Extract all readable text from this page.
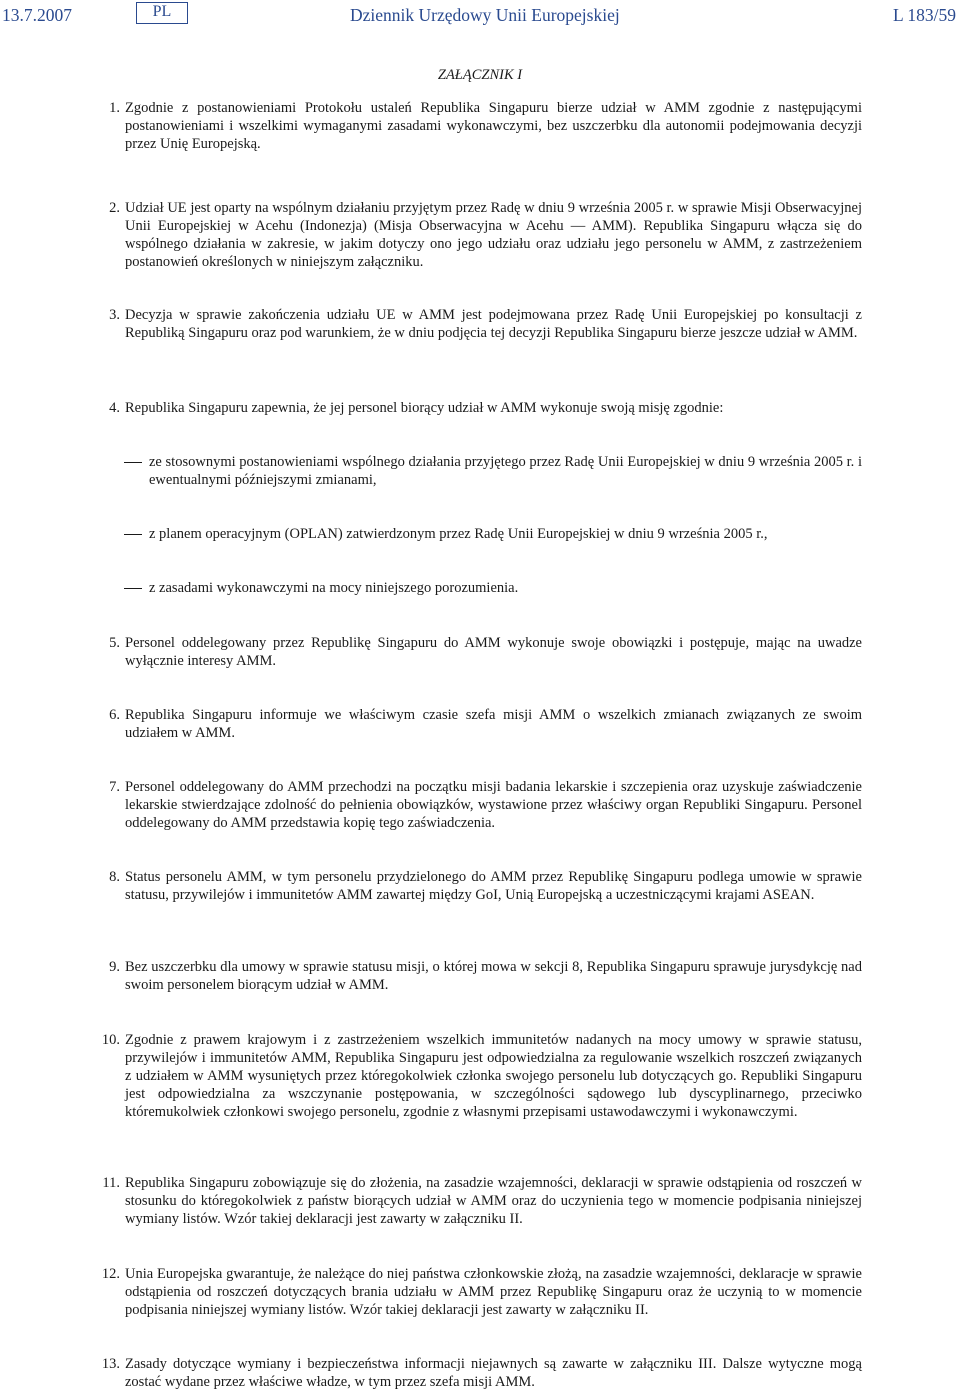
13.7.2007	PL	Dziennik Urzędowy Unii Europejskiej	L 183/59
ZAŁĄCZNIK I
1. Zgodnie z postanowieniami Protokołu ustaleń Republika Singapuru bierze udział w AMM zgodnie z następującymi postanowieniami i wszelkimi wymaganymi zasadami wykonawczymi, bez uszczerbku dla autonomii podejmowania decyzji przez Unię Europejską.
2. Udział UE jest oparty na wspólnym działaniu przyjętym przez Radę w dniu 9 września 2005 r. w sprawie Misji Obserwacyjnej Unii Europejskiej w Acehu (Indonezja) (Misja Obserwacyjna w Acehu — AMM). Republika Singapuru włącza się do wspólnego działania w zakresie, w jakim dotyczy ono jego udziału oraz udziału jego personelu w AMM, z zastrzeżeniem postanowień określonych w niniejszym załączniku.
3. Decyzja w sprawie zakończenia udziału UE w AMM jest podejmowana przez Radę Unii Europejskiej po konsultacji z Republiką Singapuru oraz pod warunkiem, że w dniu podjęcia tej decyzji Republika Singapuru bierze jeszcze udział w AMM.
4. Republika Singapuru zapewnia, że jej personel biorący udział w AMM wykonuje swoją misję zgodnie:
ze stosownymi postanowieniami wspólnego działania przyjętego przez Radę Unii Europejskiej w dniu 9 września 2005 r. i ewentualnymi późniejszymi zmianami,
z planem operacyjnym (OPLAN) zatwierdzonym przez Radę Unii Europejskiej w dniu 9 września 2005 r.,
z zasadami wykonawczymi na mocy niniejszego porozumienia.
5. Personel oddelegowany przez Republikę Singapuru do AMM wykonuje swoje obowiązki i postępuje, mając na uwadze wyłącznie interesy AMM.
6. Republika Singapuru informuje we właściwym czasie szefa misji AMM o wszelkich zmianach związanych ze swoim udziałem w AMM.
7. Personel oddelegowany do AMM przechodzi na początku misji badania lekarskie i szczepienia oraz uzyskuje zaświadczenie lekarskie stwierdzające zdolność do pełnienia obowiązków, wystawione przez właściwy organ Republiki Singapuru. Personel oddelegowany do AMM przedstawia kopię tego zaświadczenia.
8. Status personelu AMM, w tym personelu przydzielonego do AMM przez Republikę Singapuru podlega umowie w sprawie statusu, przywilejów i immunitetów AMM zawartej między GoI, Unią Europejską a uczestniczącymi krajami ASEAN.
9. Bez uszczerbku dla umowy w sprawie statusu misji, o której mowa w sekcji 8, Republika Singapuru sprawuje jurysdykcję nad swoim personelem biorącym udział w AMM.
10. Zgodnie z prawem krajowym i z zastrzeżeniem wszelkich immunitetów nadanych na mocy umowy w sprawie statusu, przywilejów i immunitetów AMM, Republika Singapuru jest odpowiedzialna za regulowanie wszelkich roszczeń związanych z udziałem w AMM wysuniętych przez któregokolwiek członka swojego personelu lub dotyczących go. Republiki Singapuru jest odpowiedzialna za wszczynanie postępowania, w szczególności sądowego lub dyscyplinarnego, przeciwko któremukolwiek członkowi swojego personelu, zgodnie z własnymi przepisami ustawodawczymi i wykonawczymi.
11. Republika Singapuru zobowiązuje się do złożenia, na zasadzie wzajemności, deklaracji w sprawie odstąpienia od roszczeń w stosunku do któregokolwiek z państw biorących udział w AMM oraz do uczynienia tego w momencie podpisania niniejszej wymiany listów. Wzór takiej deklaracji jest zawarty w załączniku II.
12. Unia Europejska gwarantuje, że należące do niej państwa członkowskie złożą, na zasadzie wzajemności, deklaracje w sprawie odstąpienia od roszczeń dotyczących brania udziału w AMM przez Republikę Singapuru oraz że uczynią to w momencie podpisania niniejszej wymiany listów. Wzór takiej deklaracji jest zawarty w załączniku II.
13. Zasady dotyczące wymiany i bezpieczeństwa informacji niejawnych są zawarte w załączniku III. Dalsze wytyczne mogą zostać wydane przez właściwe władze, w tym przez szefa misji AMM.
